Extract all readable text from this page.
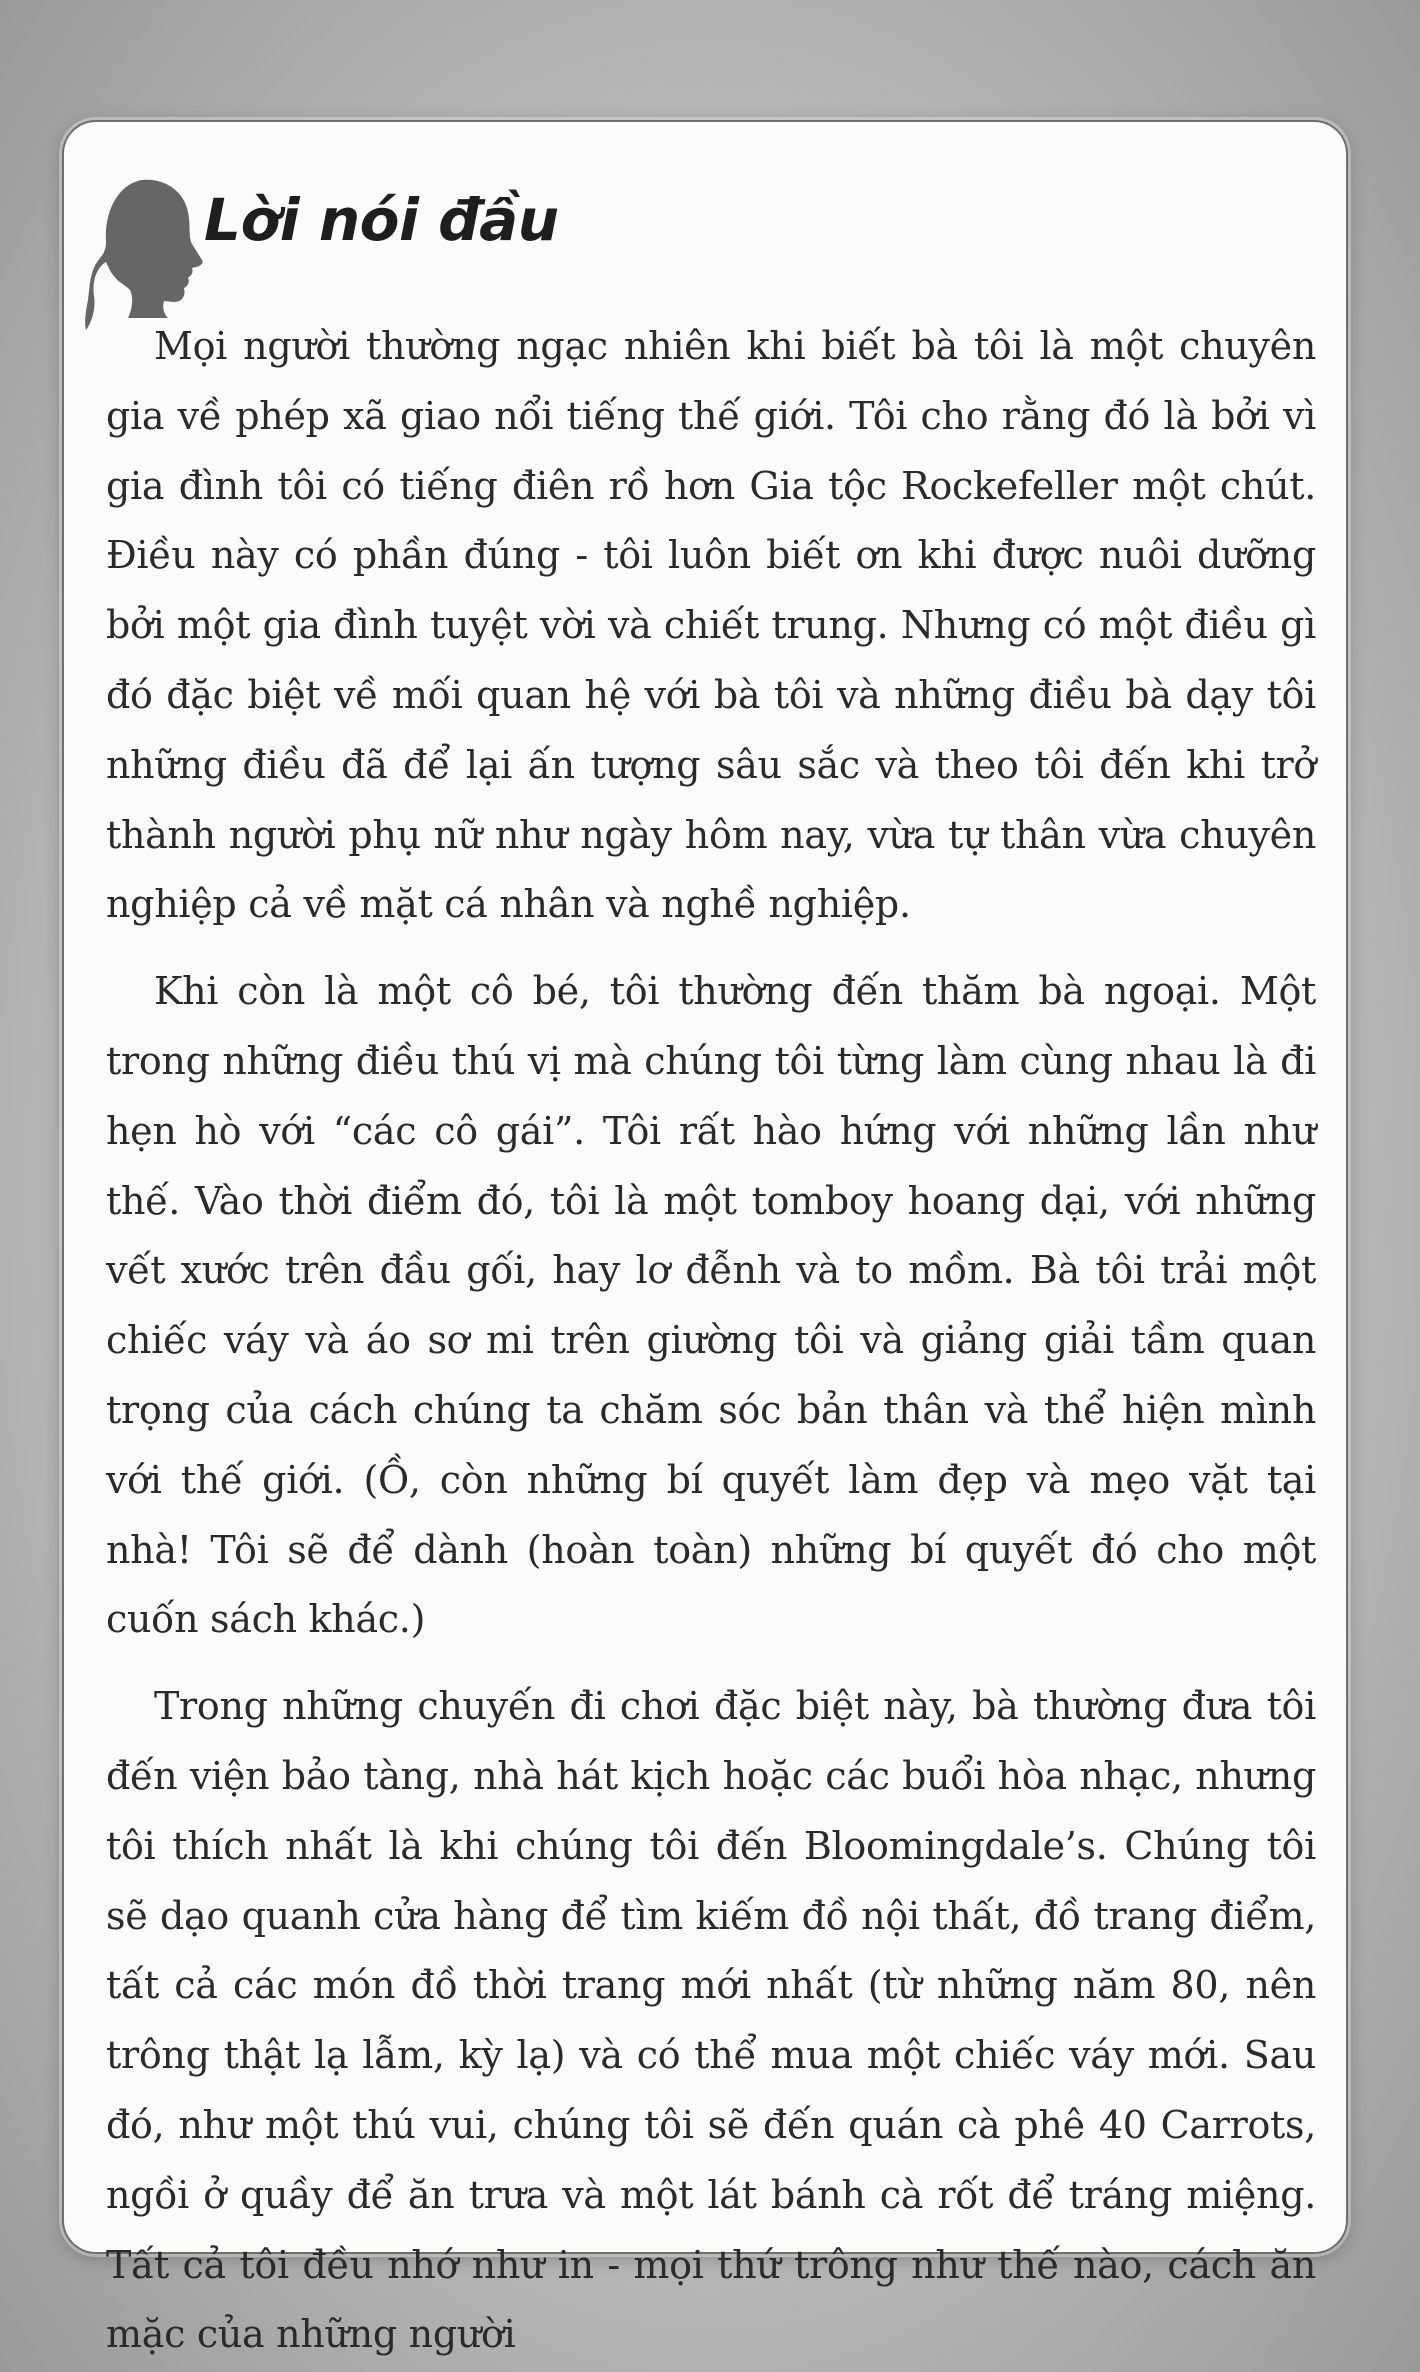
Lời nói đầu

Mọi người thường ngạc nhiên khi biết bà tôi là một chuyên gia về phép xã giao nổi tiếng thế giới. Tôi cho rằng đó là bởi vì gia đình tôi có tiếng điên rồ hơn Gia tộc Rockefeller một chút. Điều này có phần đúng - tôi luôn biết ơn khi được nuôi dưỡng bởi một gia đình tuyệt vời và chiết trung. Nhưng có một điều gì đó đặc biệt về mối quan hệ với bà tôi và những điều bà dạy tôi những điều đã để lại ấn tượng sâu sắc và theo tôi đến khi trở thành người phụ nữ như ngày hôm nay, vừa tự thân vừa chuyên nghiệp cả về mặt cá nhân và nghề nghiệp.

Khi còn là một cô bé, tôi thường đến thăm bà ngoại. Một trong những điều thú vị mà chúng tôi từng làm cùng nhau là đi hẹn hò với “các cô gái”. Tôi rất hào hứng với những lần như thế. Vào thời điểm đó, tôi là một tomboy hoang dại, với những vết xước trên đầu gối, hay lơ đễnh và to mồm. Bà tôi trải một chiếc váy và áo sơ mi trên giường tôi và giảng giải tầm quan trọng của cách chúng ta chăm sóc bản thân và thể hiện mình với thế giới. (Ồ, còn những bí quyết làm đẹp và mẹo vặt tại nhà! Tôi sẽ để dành (hoàn toàn) những bí quyết đó cho một cuốn sách khác.)

Trong những chuyến đi chơi đặc biệt này, bà thường đưa tôi đến viện bảo tàng, nhà hát kịch hoặc các buổi hòa nhạc, nhưng tôi thích nhất là khi chúng tôi đến Bloomingdale’s. Chúng tôi sẽ dạo quanh cửa hàng để tìm kiếm đồ nội thất, đồ trang điểm, tất cả các món đồ thời trang mới nhất (từ những năm 80, nên trông thật lạ lẫm, kỳ lạ) và có thể mua một chiếc váy mới. Sau đó, như một thú vui, chúng tôi sẽ đến quán cà phê 40 Carrots, ngồi ở quầy để ăn trưa và một lát bánh cà rốt để tráng miệng. Tất cả tôi đều nhớ như in - mọi thứ trông như thế nào, cách ăn mặc của những người
